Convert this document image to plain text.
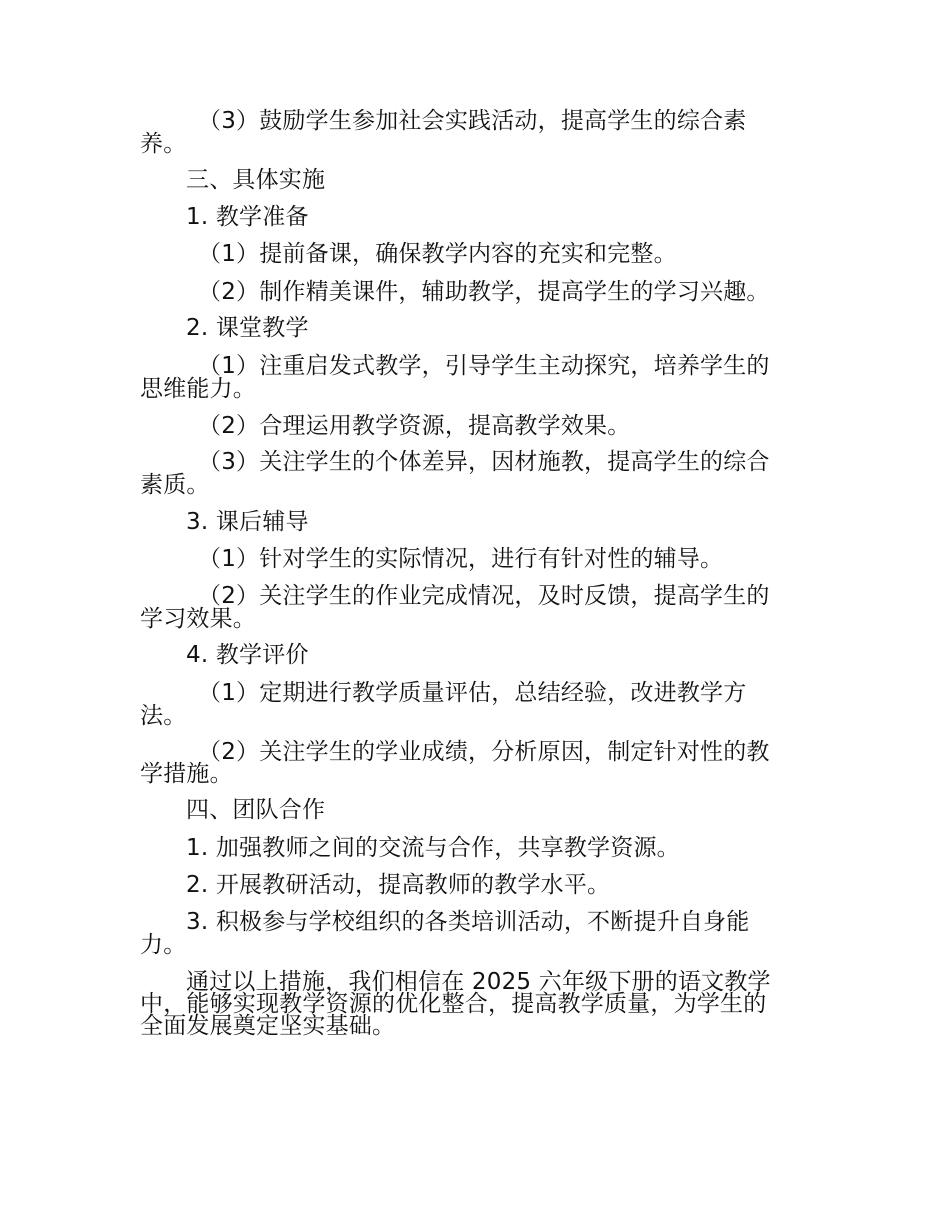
（3）鼓励学生参加社会实践活动，提高学生的综合素
养。
三、具体实施
1. 教学准备
（1）提前备课，确保教学内容的充实和完整。
（2）制作精美课件，辅助教学，提高学生的学习兴趣。
2. 课堂教学
（1）注重启发式教学，引导学生主动探究，培养学生的
思维能力。
（2）合理运用教学资源，提高教学效果。
（3）关注学生的个体差异，因材施教，提高学生的综合
素质。
3. 课后辅导
（1）针对学生的实际情况，进行有针对性的辅导。
（2）关注学生的作业完成情况，及时反馈，提高学生的
学习效果。
4. 教学评价
（1）定期进行教学质量评估，总结经验，改进教学方
法。
（2）关注学生的学业成绩，分析原因，制定针对性的教
学措施。
四、团队合作
1. 加强教师之间的交流与合作，共享教学资源。
2. 开展教研活动，提高教师的教学水平。
3. 积极参与学校组织的各类培训活动，不断提升自身能
力。
通过以上措施，我们相信在 2025 六年级下册的语文教学
中，能够实现教学资源的优化整合，提高教学质量，为学生的
全面发展奠定坚实基础。
